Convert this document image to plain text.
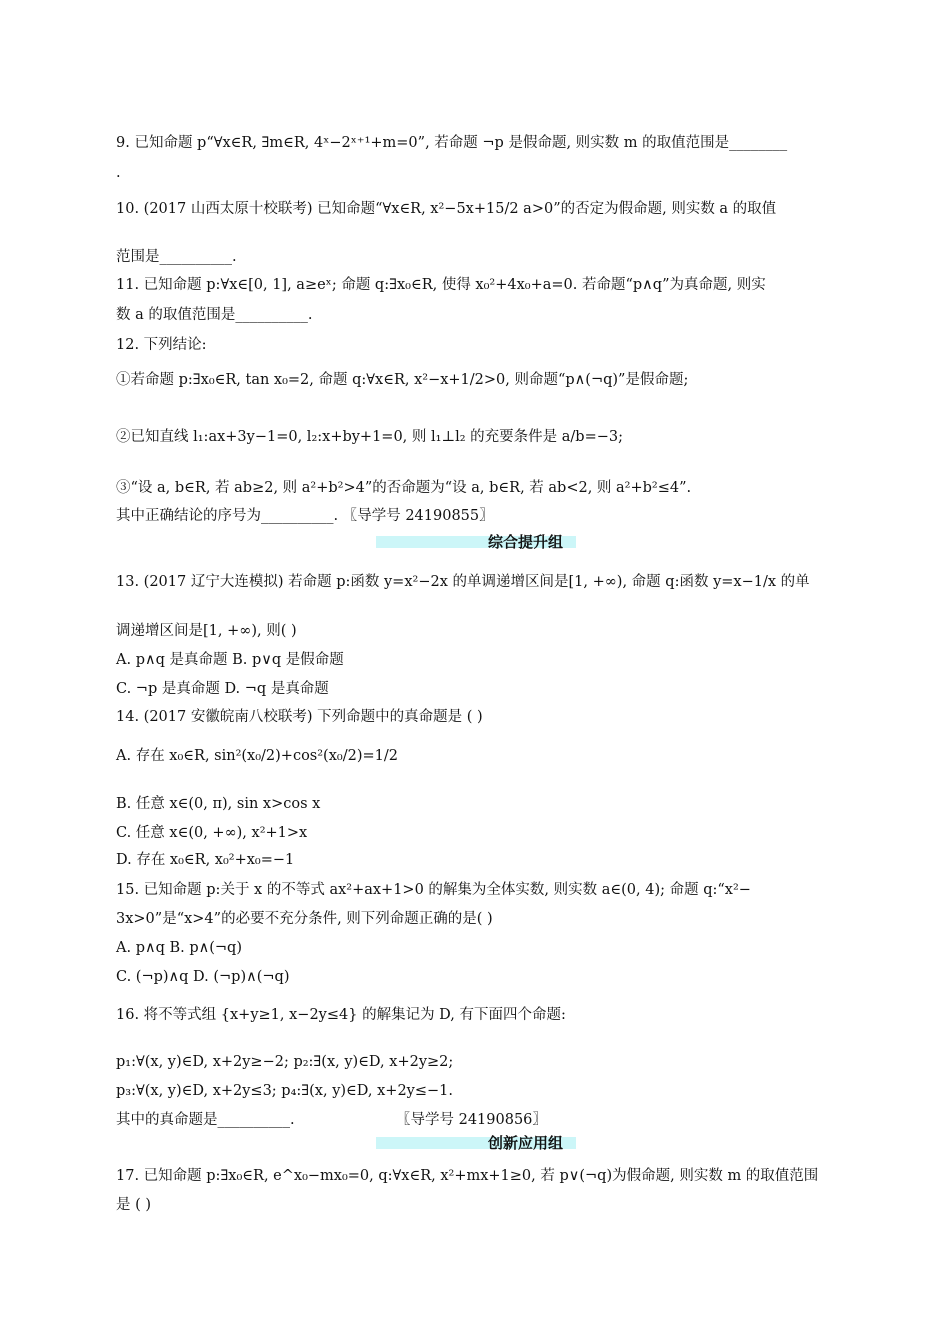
9. 已知命题 p“∀x∈R, ∃m∈R, 4ˣ−2ˣ⁺¹+m=0”, 若命题 ¬p 是假命题, 则实数 m 的取值范围是________
.
10. (2017 山西太原十校联考) 已知命题“∀x∈R, x²−5x+15/2 a>0”的否定为假命题, 则实数 a 的取值
范围是__________.
11. 已知命题 p:∀x∈[0, 1], a≥eˣ; 命题 q:∃x₀∈R, 使得 x₀²+4x₀+a=0. 若命题“p∧q”为真命题, 则实
数 a 的取值范围是__________.
12. 下列结论:
①若命题 p:∃x₀∈R, tan x₀=2, 命题 q:∀x∈R, x²−x+1/2>0, 则命题“p∧(¬q)”是假命题;
②已知直线 l₁:ax+3y−1=0, l₂:x+by+1=0, 则 l₁⊥l₂ 的充要条件是 a/b=−3;
③“设 a, b∈R, 若 ab≥2, 则 a²+b²>4”的否命题为“设 a, b∈R, 若 ab<2, 则 a²+b²≤4”.
其中正确结论的序号为__________. 〖导学号 24190855〗
13. (2017 辽宁大连模拟) 若命题 p:函数 y=x²−2x 的单调递增区间是[1, +∞), 命题 q:函数 y=x−1/x 的单
调递增区间是[1, +∞), 则( )
A. p∧q 是真命题 B. p∨q 是假命题
C. ¬p 是真命题 D. ¬q 是真命题
14. (2017 安徽皖南八校联考) 下列命题中的真命题是 ( )
A. 存在 x₀∈R, sin²(x₀/2)+cos²(x₀/2)=1/2
B. 任意 x∈(0, π), sin x>cos x
C. 任意 x∈(0, +∞), x²+1>x
D. 存在 x₀∈R, x₀²+x₀=−1
15. 已知命题 p:关于 x 的不等式 ax²+ax+1>0 的解集为全体实数, 则实数 a∈(0, 4); 命题 q:“x²−
3x>0”是“x>4”的必要不充分条件, 则下列命题正确的是( )
A. p∧q B. p∧(¬q)
C. (¬p)∧q D. (¬p)∧(¬q)
16. 将不等式组 {x+y≥1, x−2y≤4} 的解集记为 D, 有下面四个命题:
p₁:∀(x, y)∈D, x+2y≥−2; p₂:∃(x, y)∈D, x+2y≥2;
p₃:∀(x, y)∈D, x+2y≤3; p₄:∃(x, y)∈D, x+2y≤−1.
其中的真命题是__________.
17. 已知命题 p:∃x₀∈R, e^x₀−mx₀=0, q:∀x∈R, x²+mx+1≥0, 若 p∨(¬q)为假命题, 则实数 m 的取值范围
是 ( )
〖导学号 24190856〗
综合提升组
创新应用组
